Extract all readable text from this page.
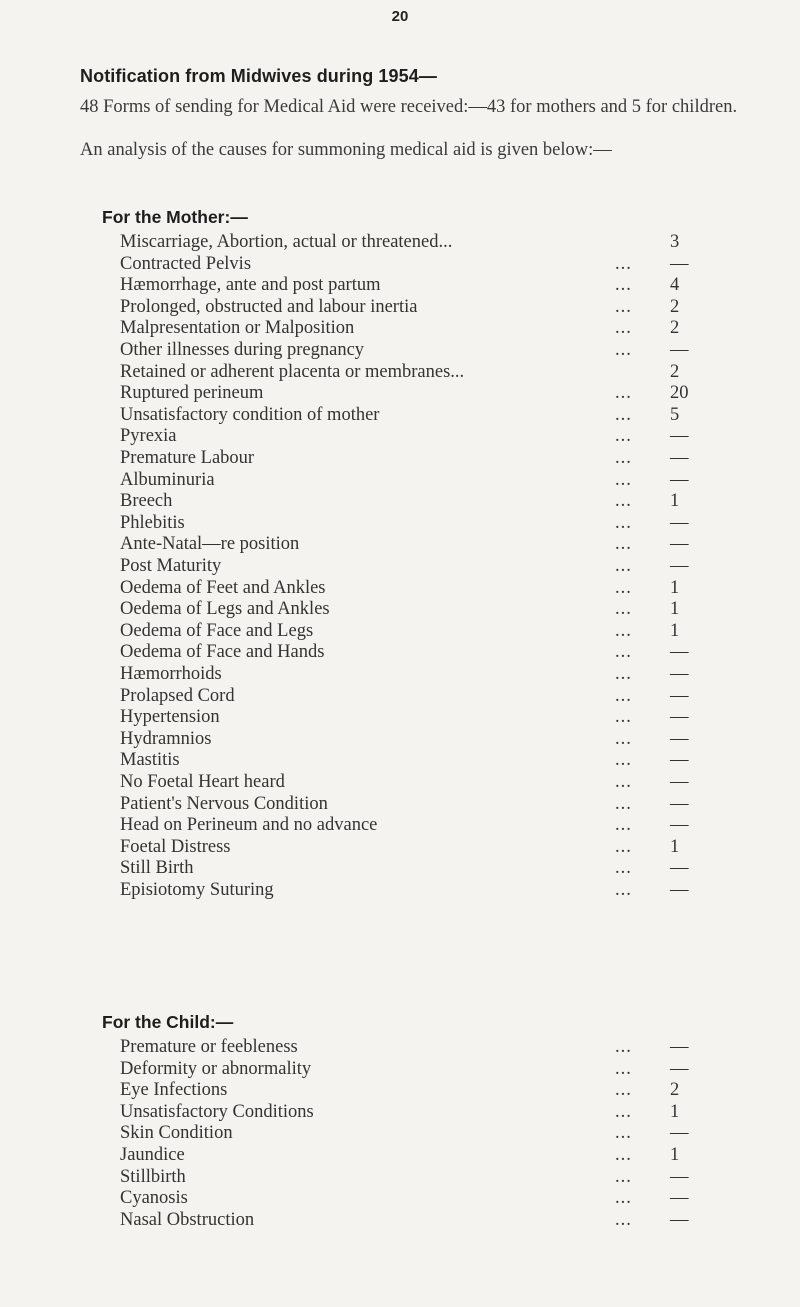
20
Notification from Midwives during 1954—
48 Forms of sending for Medical Aid were received:—43 for mothers and 5 for children.
An analysis of the causes for summoning medical aid is given below:—
For the Mother:—
Miscarriage, Abortion, actual or threatened...	3
Contracted Pelvis	... —
Hæmorrhage, ante and post partum	... 4
Prolonged, obstructed and labour inertia	... 2
Malpresentation or Malposition	... 2
Other illnesses during pregnancy	... —
Retained or adherent placenta or membranes...	2
Ruptured perineum	... 20
Unsatisfactory condition of mother	... 5
Pyrexia	... —
Premature Labour	... —
Albuminuria	... —
Breech	... 1
Phlebitis	... —
Ante-Natal—re position	... —
Post Maturity	... —
Oedema of Feet and Ankles	... 1
Oedema of Legs and Ankles	... 1
Oedema of Face and Legs	... 1
Oedema of Face and Hands	... —
Hæmorrhoids	... —
Prolapsed Cord	... —
Hypertension	... —
Hydramnios	... —
Mastitis	... —
No Foetal Heart heard	... —
Patient's Nervous Condition	... —
Head on Perineum and no advance	... —
Foetal Distress	... 1
Still Birth	... —
Episiotomy Suturing	... —
For the Child:—
Premature or feebleness	... —
Deformity or abnormality	... —
Eye Infections	... 2
Unsatisfactory Conditions	... 1
Skin Condition	... —
Jaundice	... 1
Stillbirth	... —
Cyanosis	... —
Nasal Obstruction	... —
